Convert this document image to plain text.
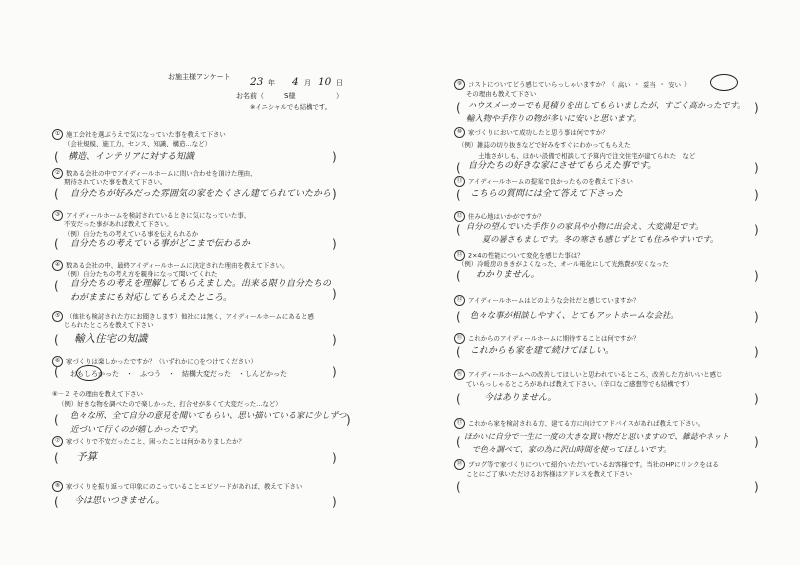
お施主様アンケート 23 年 4 月 10 日
お名前（	S様	）
※イニシャルでも結構です。
① 施工会社を選ぶうえで気になっていた事を教えて下さい
（会社規模、施工力、センス、知識、構造…など）
( 構造、インテリアに対する知識	)
② 数ある会社の中でアイディールホームに問い合わせを頂けた理由、
期待されていた事を教えて下さい。
( 自分たちが好みだった雰囲気の家をたくさん建てられていたから )
③ アイディールホームを検討されているときに気になっていた事、
不安だった事があれば教えて下さい。
（例）自分たちの考えている事を伝えられるか
( 自分たちの考えている事がどこまで伝わるか	)
④ 数ある会社の中、最終アイディールホームに決定された理由を教えて下さい。
（例）自分たちの考え方を親身になって聞いてくれた
( 自分たちの考えを理解してもらえました。出来る限り自分たちの
わがままにも対応してもらえたところ。	)
⑤ （他社も検討された方にお聞きします）他社には無く、アイディールホームにあると感
じられたところを教えて下さい
( 輸入住宅の知識	)
⑥ 家づくりは楽しかったですか？（いずれかに○をつけてください）
( おもしろかった　・　ふつう　・　結構大変だった　・しんどかった	)
⑥－２ その理由を教えて下さい
（例）好きな物を調べたので楽しかった、打合せが多くて大変だった…など）
( 色々な所、全て自分の意見を聞いてもらい、思い描いている家に少しずつ
近づいて行くのが嬉しかったです。
)
⑦ 家づくりで不安だったこと、困ったことは何かありましたか？
( 予算	)
⑧ 家づくりを振り返って印象にのこっていることエピソードがあれば、教えて下さい
( 今は思いつきません。	)
⑨ コストについてどう感じていらっしゃいますか？（ 高い ・ 妥当 ・ 安い ）
その理由も教えて下さい
( ハウスメーカーでも見積りを出してもらいましたが、すごく高かったです。
輸入物や手作りの物が多いに安いと思います。
)
⑩ 家づくりにおいて成功したと思う事は何ですか？
（例）雑誌の切り抜きなどで好みをすぐにわかってもらえた
土地さがしも、ほかい設備で相談して予算内で注文住宅が建てられた　など
( 自分たちの好きな家にさせてもらえた事です。	)
⑪ アイディールホームの提案で良かったものを教えて下さい
( こちらの質問には全て答えて下さった	)
⑫ 住み心地はいかがですか？
( 自分の望んでいた手作りの家具や小物に出会え、大変満足です。
夏の暑さもましです。冬の寒さも感じずとても住みやすいです。
)
⑬ 2×4の性能について変化を感じた事は？
（例）冷暖房のききがよくなった、オール電化にして光熱費が安くなった
( わかりません。	)
⑭ アイディールホームはどのような会社だと感じていますか？
( 色々な事が相談しやすく、とてもアットホームな会社。	)
⑮ これからのアイディールホームに期待することは何ですか？
( これからも家を建て続けてほしい。	)
⑯ アイディールホームへの改善してほしいと思われているところ、改善した方がいいと感じ
ていらっしゃるところがあれば教えて下さい。（辛口なご感想等でも結構です）
(	今はありません。	)
⑰ これから家を検討される方、建てる方に向けてアドバイスがあれば教えて下さい。
( ほかいに自分で一生に一度の大きな買い物だと思いますので、雑誌やネット
で色々調べて、家の為に沢山時間を使ってほしいです。
)
⑱ ブログ等で家づくりについて紹介いただいているお客様です。当社のHPにリンクをはる
ことにご了承いただけるお客様はアドレスを教えて下さい
(	)
